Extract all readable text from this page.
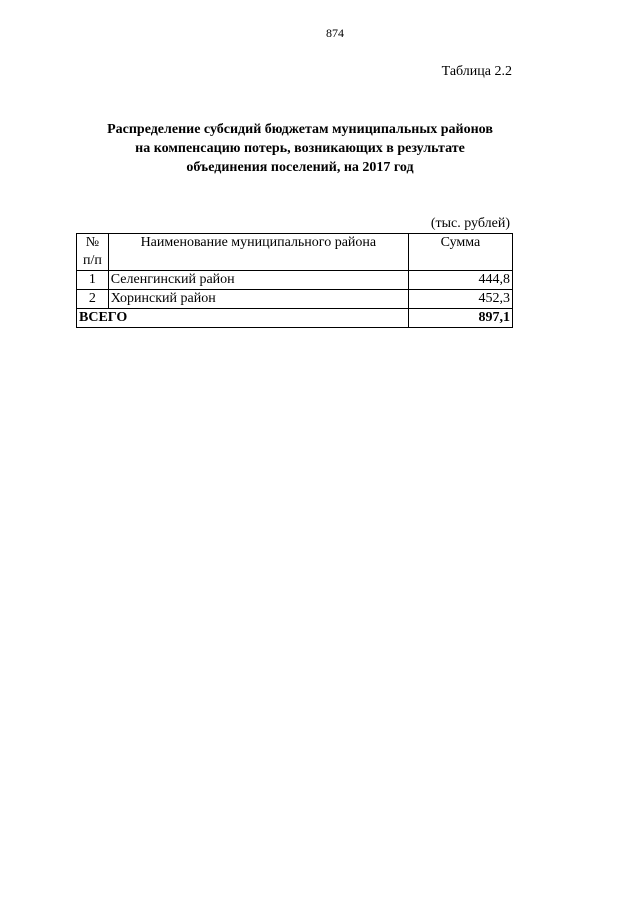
874
Таблица 2.2
Распределение субсидий бюджетам муниципальных районов
на компенсацию потерь, возникающих в результате
объединения поселений, на 2017 год
(тыс. рублей)
№
п/п	Наименование муниципального района	Сумма
1	Селенгинский район	444,8
2	Хоринский район	452,3
ВСЕГО		897,1
